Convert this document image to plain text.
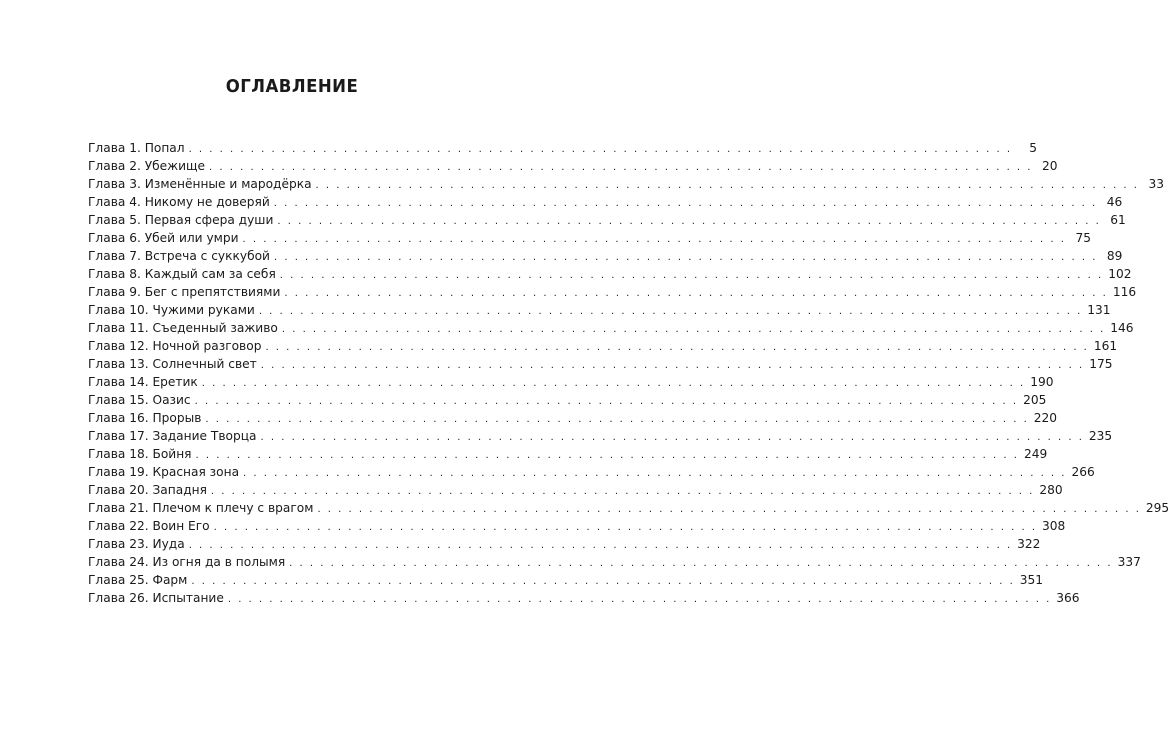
ОГЛАВЛЕНИЕ
Глава 1. Попал . . . . . . . . . . . . . . . . . . . . . . . . . . . . . . . . . . . . . . . . . . . . . . . . . . . . . . . . . . . . . . . . . . . . . . . . . . . . . . . .	5
Глава 2. Убежище . . . . . . . . . . . . . . . . . . . . . . . . . . . . . . . . . . . . . . . . . . . . . . . . . . . . . . . . . . . . . . . . . . . . . . . . . . . . . . . . 20
Глава 3. Изменённые и мародёрка . . . . . . . . . . . . . . . . . . . . . . . . . . . . . . . . . . . . . . . . . . . . . . . . . . . . . . . . . . . . . . . . . . . . . . . . . . . . . . . . 33
Глава 4. Никому не доверяй . . . . . . . . . . . . . . . . . . . . . . . . . . . . . . . . . . . . . . . . . . . . . . . . . . . . . . . . . . . . . . . . . . . . . . . . . . . . . . . . 46
Глава 5. Первая сфера души . . . . . . . . . . . . . . . . . . . . . . . . . . . . . . . . . . . . . . . . . . . . . . . . . . . . . . . . . . . . . . . . . . . . . . . . . . . . . . . . 61
Глава 6. Убей или умри . . . . . . . . . . . . . . . . . . . . . . . . . . . . . . . . . . . . . . . . . . . . . . . . . . . . . . . . . . . . . . . . . . . . . . . . . . . . . . . . 75
Глава 7. Встреча с суккубой . . . . . . . . . . . . . . . . . . . . . . . . . . . . . . . . . . . . . . . . . . . . . . . . . . . . . . . . . . . . . . . . . . . . . . . . . . . . . . . . 89
Глава 8. Каждый сам за себя . . . . . . . . . . . . . . . . . . . . . . . . . . . . . . . . . . . . . . . . . . . . . . . . . . . . . . . . . . . . . . . . . . . . . . . . . . . . . . . . 102
Глава 9. Бег с препятствиями . . . . . . . . . . . . . . . . . . . . . . . . . . . . . . . . . . . . . . . . . . . . . . . . . . . . . . . . . . . . . . . . . . . . . . . . . . . . . . . . 116
Глава 10. Чужими руками . . . . . . . . . . . . . . . . . . . . . . . . . . . . . . . . . . . . . . . . . . . . . . . . . . . . . . . . . . . . . . . . . . . . . . . . . . . . . . . . 131
Глава 11. Съеденный заживо . . . . . . . . . . . . . . . . . . . . . . . . . . . . . . . . . . . . . . . . . . . . . . . . . . . . . . . . . . . . . . . . . . . . . . . . . . . . . . . . 146
Глава 12. Ночной разговор . . . . . . . . . . . . . . . . . . . . . . . . . . . . . . . . . . . . . . . . . . . . . . . . . . . . . . . . . . . . . . . . . . . . . . . . . . . . . . . . 161
Глава 13. Солнечный свет . . . . . . . . . . . . . . . . . . . . . . . . . . . . . . . . . . . . . . . . . . . . . . . . . . . . . . . . . . . . . . . . . . . . . . . . . . . . . . . . 175
Глава 14. Еретик . . . . . . . . . . . . . . . . . . . . . . . . . . . . . . . . . . . . . . . . . . . . . . . . . . . . . . . . . . . . . . . . . . . . . . . . . . . . . . . . 190
Глава 15. Оазис . . . . . . . . . . . . . . . . . . . . . . . . . . . . . . . . . . . . . . . . . . . . . . . . . . . . . . . . . . . . . . . . . . . . . . . . . . . . . . . . 205
Глава 16. Прорыв . . . . . . . . . . . . . . . . . . . . . . . . . . . . . . . . . . . . . . . . . . . . . . . . . . . . . . . . . . . . . . . . . . . . . . . . . . . . . . . . 220
Глава 17. Задание Творца . . . . . . . . . . . . . . . . . . . . . . . . . . . . . . . . . . . . . . . . . . . . . . . . . . . . . . . . . . . . . . . . . . . . . . . . . . . . . . . . 235
Глава 18. Бойня . . . . . . . . . . . . . . . . . . . . . . . . . . . . . . . . . . . . . . . . . . . . . . . . . . . . . . . . . . . . . . . . . . . . . . . . . . . . . . . . 249
Глава 19. Красная зона . . . . . . . . . . . . . . . . . . . . . . . . . . . . . . . . . . . . . . . . . . . . . . . . . . . . . . . . . . . . . . . . . . . . . . . . . . . . . . . . 266
Глава 20. Западня . . . . . . . . . . . . . . . . . . . . . . . . . . . . . . . . . . . . . . . . . . . . . . . . . . . . . . . . . . . . . . . . . . . . . . . . . . . . . . . . 280
Глава 21. Плечом к плечу с врагом . . . . . . . . . . . . . . . . . . . . . . . . . . . . . . . . . . . . . . . . . . . . . . . . . . . . . . . . . . . . . . . . . . . . . . . . . . . . . . . . 295
Глава 22. Воин Его . . . . . . . . . . . . . . . . . . . . . . . . . . . . . . . . . . . . . . . . . . . . . . . . . . . . . . . . . . . . . . . . . . . . . . . . . . . . . . . . 308
Глава 23. Иуда . . . . . . . . . . . . . . . . . . . . . . . . . . . . . . . . . . . . . . . . . . . . . . . . . . . . . . . . . . . . . . . . . . . . . . . . . . . . . . . . 322
Глава 24. Из огня да в полымя . . . . . . . . . . . . . . . . . . . . . . . . . . . . . . . . . . . . . . . . . . . . . . . . . . . . . . . . . . . . . . . . . . . . . . . . . . . . . . . . 337
Глава 25. Фарм . . . . . . . . . . . . . . . . . . . . . . . . . . . . . . . . . . . . . . . . . . . . . . . . . . . . . . . . . . . . . . . . . . . . . . . . . . . . . . . . 351
Глава 26. Испытание . . . . . . . . . . . . . . . . . . . . . . . . . . . . . . . . . . . . . . . . . . . . . . . . . . . . . . . . . . . . . . . . . . . . . . . . . . . . . . . . 366
